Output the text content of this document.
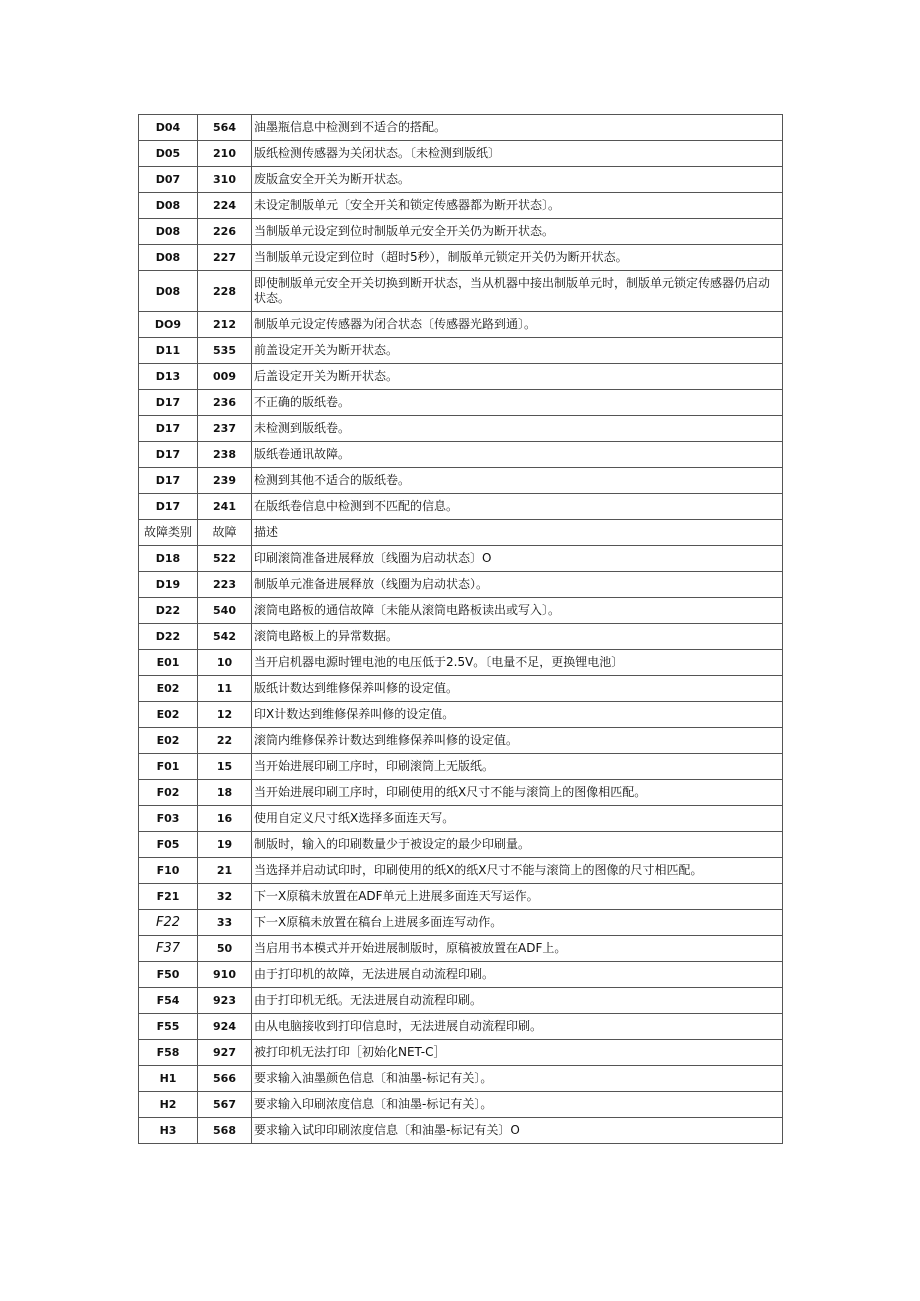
D04	564	油墨瓶信息中检测到不适合的搭配。
D05	210	版纸检测传感器为关闭状态。〔未检测到版纸〕
D07	310	废版盒安全开关为断开状态。
D08	224	未设定制版单元〔安全开关和锁定传感器都为断开状态〕。
D08	226	当制版单元设定到位时制版单元安全开关仍为断开状态。
D08	227	当制版单元设定到位时（超时5秒），制版单元锁定开关仍为断开状态。
D08	228	即使制版单元安全开关切换到断开状态，当从机器中接出制版单元时，制版单元锁定传感器仍启动状态。
DO9	212	制版单元设定传感器为闭合状态〔传感器光路到通〕。
D11	535	前盖设定开关为断开状态。
D13	009	后盖设定开关为断开状态。
D17	236	不正确的版纸卷。
D17	237	未检测到版纸卷。
D17	238	版纸卷通讯故障。
D17	239	检测到其他不适合的版纸卷。
D17	241	在版纸卷信息中检测到不匹配的信息。
故障类别	故障	描述
D18	522	印刷滚筒准备进展释放〔线圈为启动状态〕O
D19	223	制版单元准备进展释放（线圈为启动状态）。
D22	540	滚筒电路板的通信故障〔未能从滚筒电路板读出或写入〕。
D22	542	滚筒电路板上的异常数据。
E01	10	当开启机器电源时锂电池的电压低于2.5V。〔电量不足，更换锂电池〕
E02	11	版纸计数达到维修保养叫修的设定值。
E02	12	印X计数达到维修保养叫修的设定值。
E02	22	滚筒内维修保养计数达到维修保养叫修的设定值。
F01	15	当开始进展印刷工序时，印刷滚筒上无版纸。
F02	18	当开始进展印刷工序时，印刷使用的纸X尺寸不能与滚筒上的图像相匹配。
F03	16	使用自定义尺寸纸X选择多面连天写。
F05	19	制版时，输入的印刷数量少于被设定的最少印刷量。
F10	21	当选择并启动试印时，印刷使用的纸X的纸X尺寸不能与滚筒上的图像的尺寸相匹配。
F21	32	下一X原稿未放置在ADF单元上进展多面连天写运作。
F22	33	下一X原稿未放置在稿台上进展多面连写动作。
F37	50	当启用书本模式并开始进展制版时，原稿被放置在ADF上。
F50	910	由于打印机的故障，无法进展自动流程印刷。
F54	923	由于打印机无纸。无法进展自动流程印刷。
F55	924	由从电脑接收到打印信息时，无法进展自动流程印刷。
F58	927	被打印机无法打印［初始化NET-C］
H1	566	要求输入油墨颜色信息〔和油墨-标记有关〕。
H2	567	要求输入印刷浓度信息〔和油墨-标记有关〕。
H3	568	要求输入试印印刷浓度信息〔和油墨-标记有关〕O
